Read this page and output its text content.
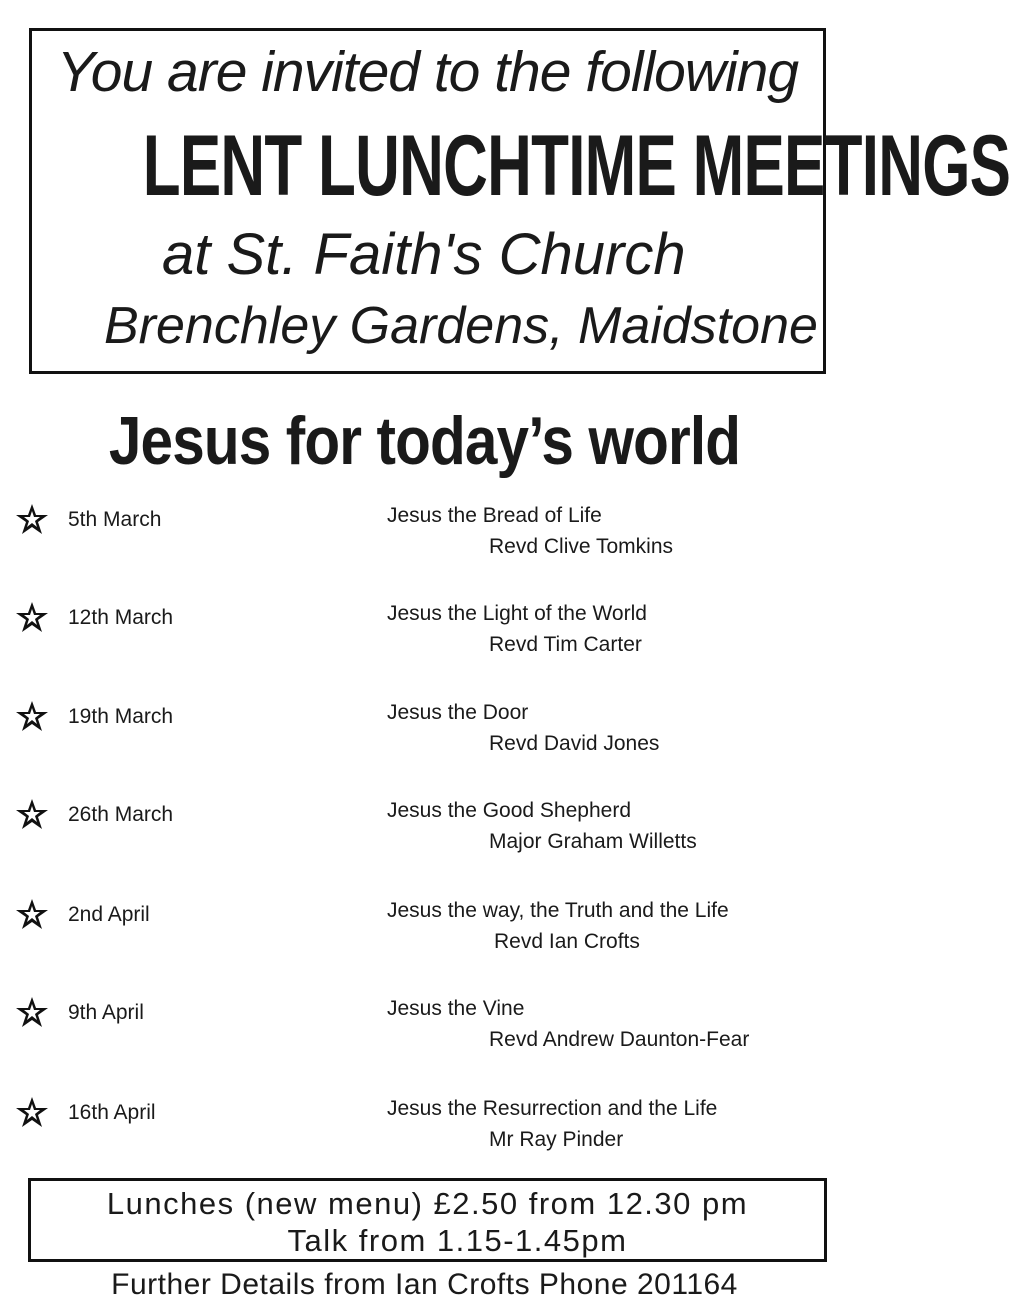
You are invited to the following
LENT LUNCHTIME MEETINGS
at St. Faith's Church
Brenchley Gardens, Maidstone
Jesus for today’s world
5th March	Jesus the Bread of Life
Revd Clive Tomkins
12th March	Jesus the Light of the World
Revd Tim Carter
19th March	Jesus the Door
Revd David Jones
26th March	Jesus the Good Shepherd
Major Graham Willetts
2nd April	Jesus the way, the Truth and the Life
Revd Ian Crofts
9th April	Jesus the Vine
Revd Andrew Daunton-Fear
16th April	Jesus the Resurrection and the Life
Mr Ray Pinder
Lunches (new menu) £2.50 from 12.30 pm
Talk from 1.15-1.45pm
Further Details from Ian Crofts Phone 201164
